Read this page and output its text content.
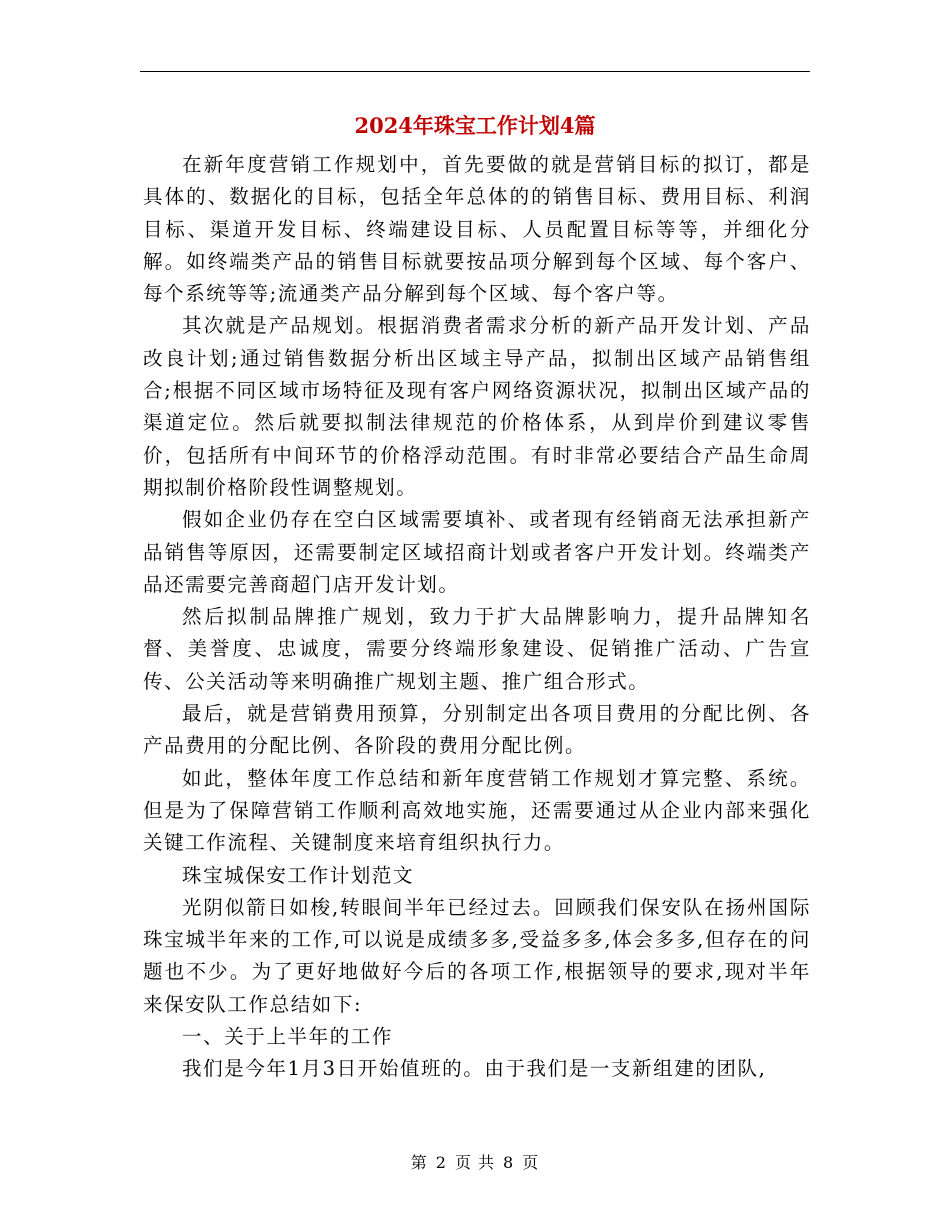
2024年珠宝工作计划4篇

在新年度营销工作规划中，首先要做的就是营销目标的拟订，都是具体的、数据化的目标，包括全年总体的的销售目标、费用目标、利润目标、渠道开发目标、终端建设目标、人员配置目标等等，并细化分解。如终端类产品的销售目标就要按品项分解到每个区域、每个客户、每个系统等等;流通类产品分解到每个区域、每个客户等。

其次就是产品规划。根据消费者需求分析的新产品开发计划、产品改良计划;通过销售数据分析出区域主导产品，拟制出区域产品销售组合;根据不同区域市场特征及现有客户网络资源状况，拟制出区域产品的渠道定位。然后就要拟制法律规范的价格体系，从到岸价到建议零售价，包括所有中间环节的价格浮动范围。有时非常必要结合产品生命周期拟制价格阶段性调整规划。

假如企业仍存在空白区域需要填补、或者现有经销商无法承担新产品销售等原因，还需要制定区域招商计划或者客户开发计划。终端类产品还需要完善商超门店开发计划。

然后拟制品牌推广规划，致力于扩大品牌影响力，提升品牌知名督、美誉度、忠诚度，需要分终端形象建设、促销推广活动、广告宣传、公关活动等来明确推广规划主题、推广组合形式。

最后，就是营销费用预算，分别制定出各项目费用的分配比例、各产品费用的分配比例、各阶段的费用分配比例。

如此，整体年度工作总结和新年度营销工作规划才算完整、系统。但是为了保障营销工作顺利高效地实施，还需要通过从企业内部来强化关键工作流程、关键制度来培育组织执行力。

珠宝城保安工作计划范文

光阴似箭日如梭,转眼间半年已经过去。回顾我们保安队在扬州国际珠宝城半年来的工作,可以说是成绩多多,受益多多,体会多多,但存在的问题也不少。为了更好地做好今后的各项工作,根据领导的要求,现对半年来保安队工作总结如下:

一、关于上半年的工作

我们是今年1月3日开始值班的。由于我们是一支新组建的团队,

第 2 页 共 8 页
